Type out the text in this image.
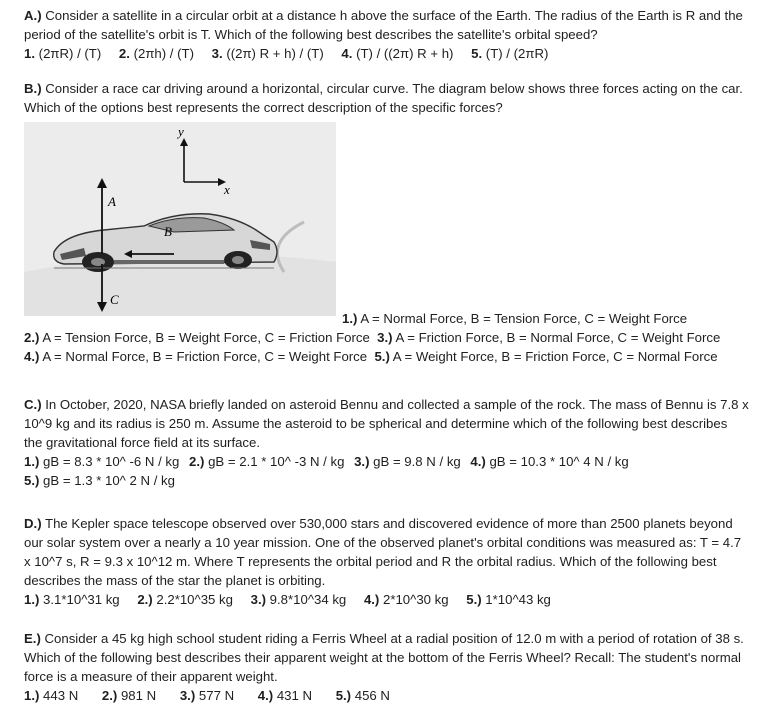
A.) Consider a satellite in a circular orbit at a distance h above the surface of the Earth. The radius of the Earth is R and the period of the satellite's orbit is T. Which of the following best describes the satellite's orbital speed?

1. (2πR) / (T) 2. (2πh) / (T) 3. ((2π) R + h) / (T) 4. (T) / ((2π) R + h) 5. (T) / (2πR)

B.) Consider a race car driving around a horizontal, circular curve. The diagram below shows three forces acting on the car. Which of the options best represents the correct description of the specific forces?

y
x
A
B
C
1.) A = Normal Force, B = Tension Force, C = Weight Force
2.) A = Tension Force, B = Weight Force, C = Friction Force 3.) A = Friction Force, B = Normal Force, C = Weight Force
4.) A = Normal Force, B = Friction Force, C = Weight Force 5.) A = Weight Force, B = Friction Force, C = Normal Force

C.) In October, 2020, NASA briefly landed on asteroid Bennu and collected a sample of the rock. The mass of Bennu is 7.8 x 10^9 kg and its radius is 250 m. Assume the asteroid to be spherical and determine which of the following best describes the gravitational force field at its surface.

1.) gB = 8.3 * 10^ -6 N / kg 2.) gB = 2.1 * 10^ -3 N / kg 3.) gB = 9.8 N / kg 4.) gB = 10.3 * 10^ 4 N / kg

5.) gB = 1.3 * 10^ 2 N / kg

D.) The Kepler space telescope observed over 530,000 stars and discovered evidence of more than 2500 planets beyond our solar system over a nearly a 10 year mission. One of the observed planet's orbital conditions was measured as: T = 4.7 x 10^7 s, R = 9.3 x 10^12 m. Where T represents the orbital period and R the orbital radius. Which of the following best describes the mass of the star the planet is orbiting.

1.) 3.1*10^31 kg 2.) 2.2*10^35 kg 3.) 9.8*10^34 kg 4.) 2*10^30 kg 5.) 1*10^43 kg

E.) Consider a 45 kg high school student riding a Ferris Wheel at a radial position of 12.0 m with a period of rotation of 38 s. Which of the following best describes their apparent weight at the bottom of the Ferris Wheel? Recall: The student's normal force is a measure of their apparent weight.

1.) 443 N 2.) 981 N 3.) 577 N 4.) 431 N 5.) 456 N
